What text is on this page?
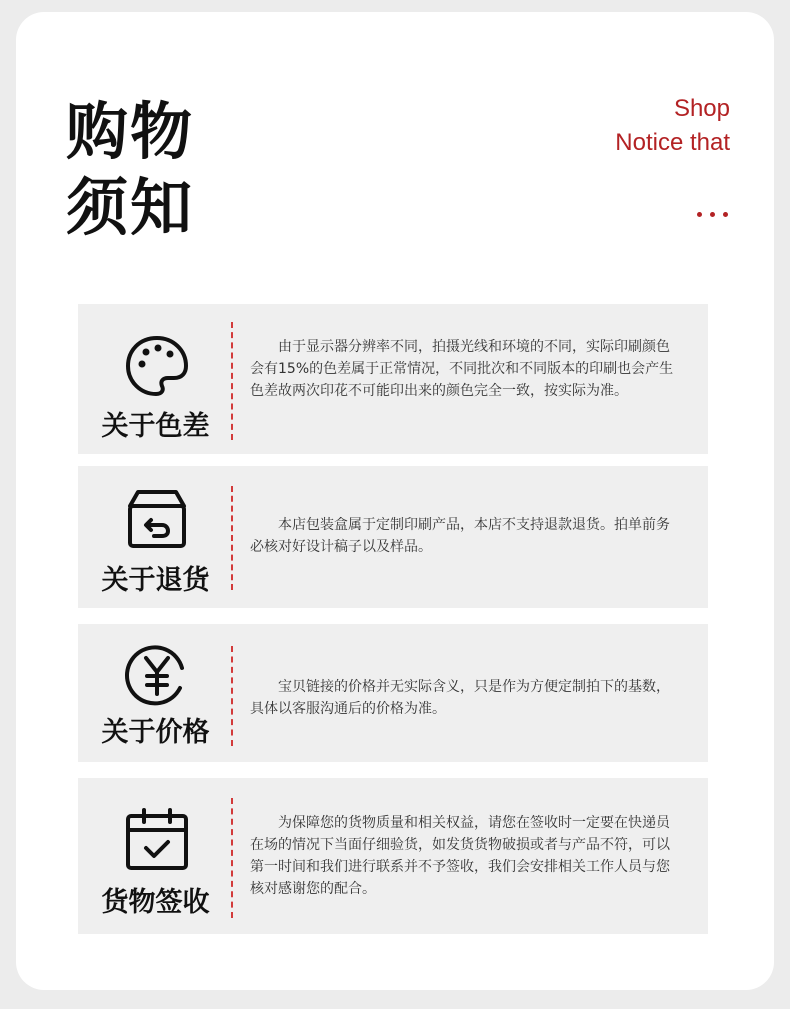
购物
须知
Shop
Notice that
关于色差
由于显示器分辨率不同，拍摄光线和环境的不同，实际印刷颜色会有15%的色差属于正常情况，不同批次和不同版本的印刷也会产生色差故两次印花不可能印出来的颜色完全一致，按实际为准。
关于退货
本店包装盒属于定制印刷产品，本店不支持退款退货。拍单前务必核对好设计稿子以及样品。
关于价格
宝贝链接的价格并无实际含义，只是作为方便定制拍下的基数，具体以客服沟通后的价格为准。
货物签收
为保障您的货物质量和相关权益，请您在签收时一定要在快递员在场的情况下当面仔细验货，如发货货物破损或者与产品不符，可以第一时间和我们进行联系并不予签收，我们会安排相关工作人员与您核对感谢您的配合。
